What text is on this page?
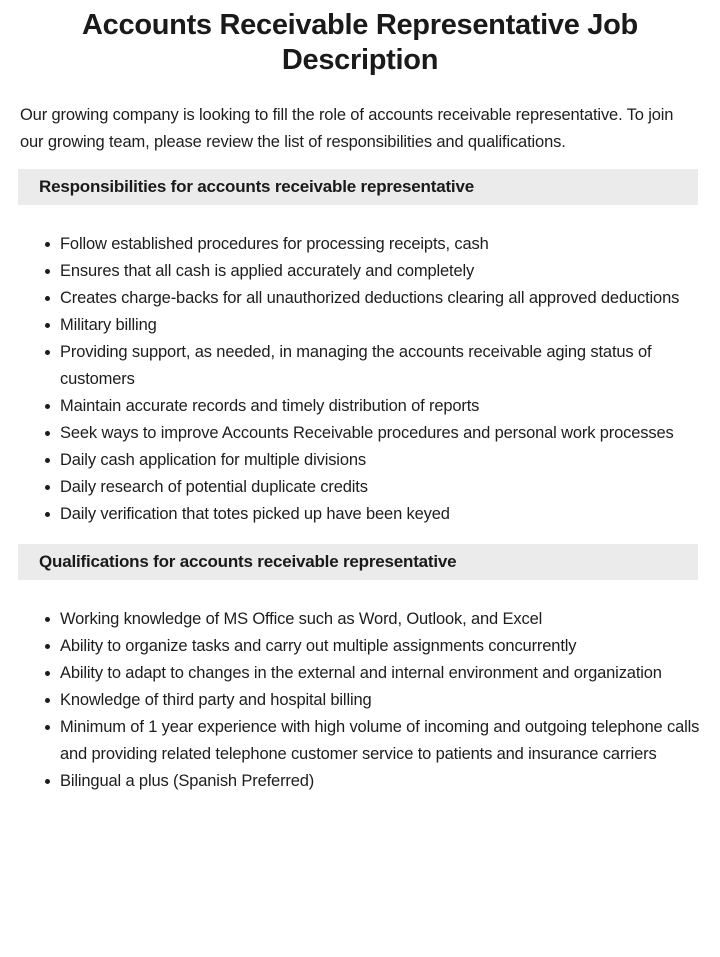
Accounts Receivable Representative Job Description

Our growing company is looking to fill the role of accounts receivable representative. To join our growing team, please review the list of responsibilities and qualifications.

Responsibilities for accounts receivable representative
Follow established procedures for processing receipts, cash
Ensures that all cash is applied accurately and completely
Creates charge-backs for all unauthorized deductions clearing all approved deductions
Military billing
Providing support, as needed, in managing the accounts receivable aging status of customers
Maintain accurate records and timely distribution of reports
Seek ways to improve Accounts Receivable procedures and personal work processes
Daily cash application for multiple divisions
Daily research of potential duplicate credits
Daily verification that totes picked up have been keyed
Qualifications for accounts receivable representative
Working knowledge of MS Office such as Word, Outlook, and Excel
Ability to organize tasks and carry out multiple assignments concurrently
Ability to adapt to changes in the external and internal environment and organization
Knowledge of third party and hospital billing
Minimum of 1 year experience with high volume of incoming and outgoing telephone calls and providing related telephone customer service to patients and insurance carriers
Bilingual a plus (Spanish Preferred)
